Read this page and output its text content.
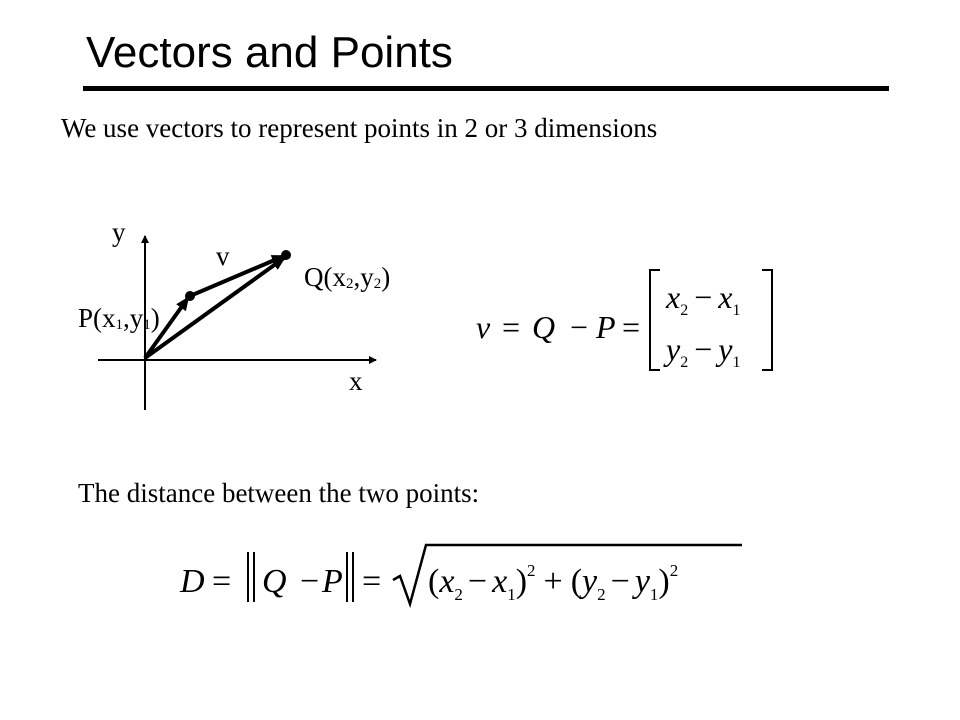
Vectors and Points
We use vectors to represent points in 2 or 3 dimensions
y
x
v
P(x1,y1)
Q(x2,y2)
v = Q − P =
$x_2 - x_1$
$y_2 - y_1$
$D = Q - P = (x_2 - x_1)^2 + (y_2 - y_1)^2$
The distance between the two points:
